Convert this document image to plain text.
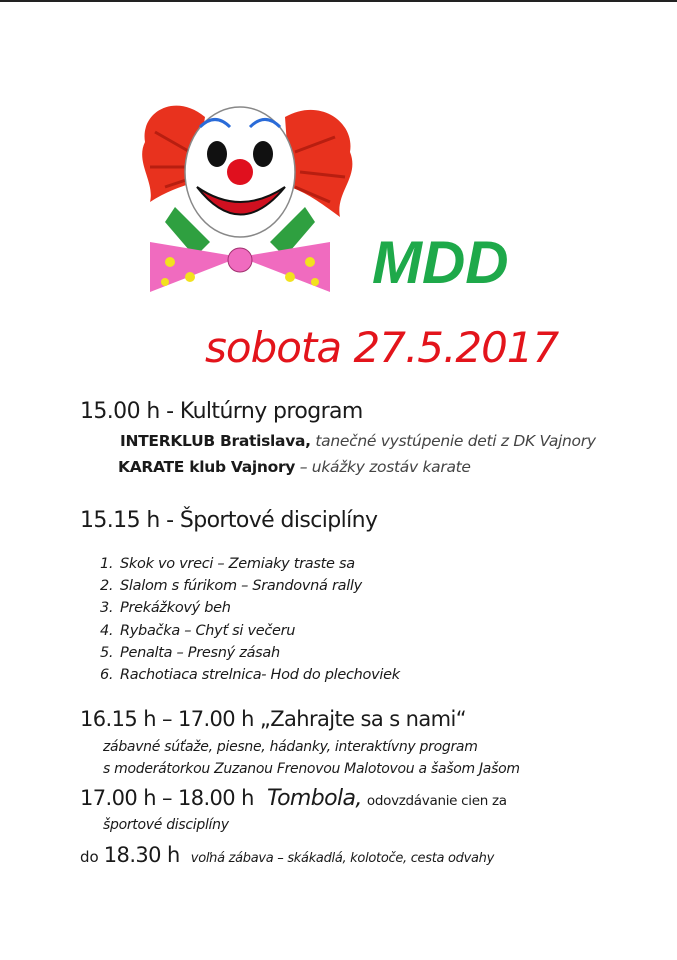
MDD
sobota 27.5.2017
15.00 h - Kultúrny program
INTERKLUB Bratislava, tanečné vystúpenie deti z DK Vajnory
KARATE klub Vajnory – ukážky zostáv karate
15.15 h - Športové disciplíny
1. Skok vo vreci – Zemiaky traste sa
2. Slalom s fúrikom – Srandovná rally
3. Prekážkový beh
4. Rybačka – Chyť si večeru
5. Penalta – Presný zásah
6. Rachotiaca strelnica- Hod do plechoviek
16.15 h – 17.00 h „Zahrajte sa s nami“
zábavné súťaže, piesne, hádanky, interaktívny program
s moderátorkou Zuzanou Frenovou Malotovou a šašom Jašom
17.00 h – 18.00 h Tombola, odovzdávanie cien za
športové disciplíny
do 18.30 h voľná zábava – skákadlá, kolotoče, cesta odvahy
